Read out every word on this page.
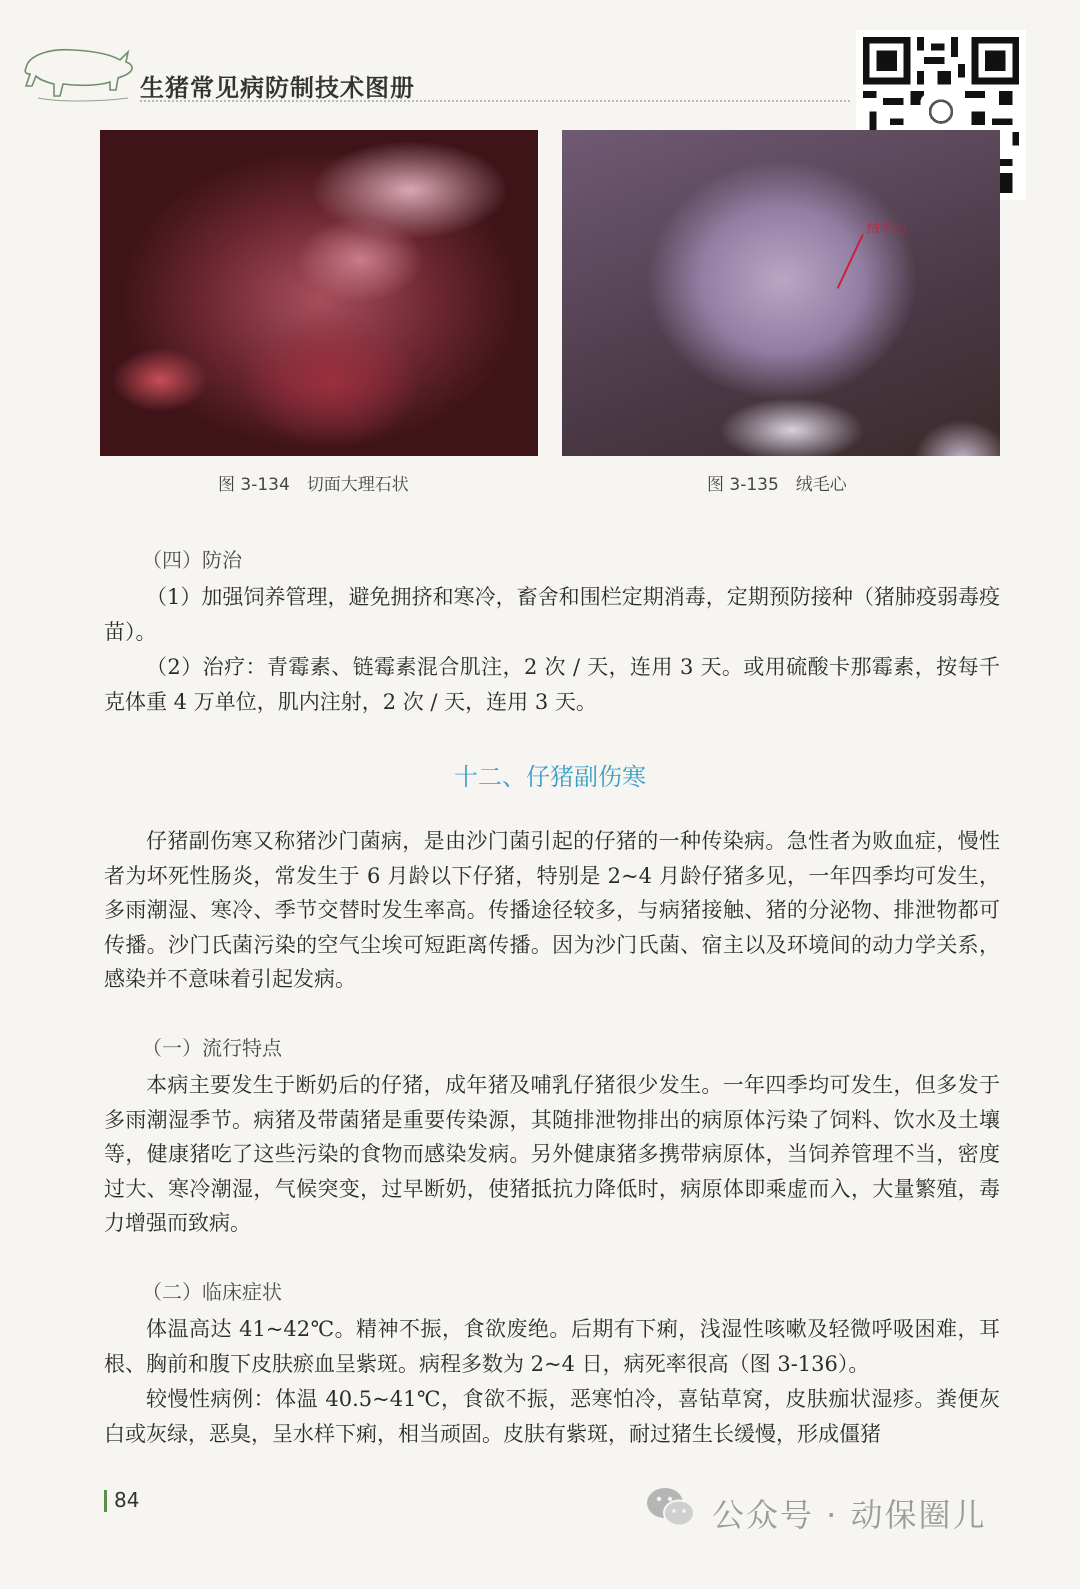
生猪常见病防制技术图册
绒毛心
图 3-134　切面大理石状	图 3-135　绒毛心
（四）防治
（1）加强饲养管理，避免拥挤和寒冷，畜舍和围栏定期消毒，定期预防接种（猪肺疫弱毒疫苗）。
（2）治疗：青霉素、链霉素混合肌注，2 次 / 天，连用 3 天。或用硫酸卡那霉素，按每千克体重 4 万单位，肌内注射，2 次 / 天，连用 3 天。
十二、仔猪副伤寒
仔猪副伤寒又称猪沙门菌病，是由沙门菌引起的仔猪的一种传染病。急性者为败血症，慢性者为坏死性肠炎，常发生于 6 月龄以下仔猪，特别是 2~4 月龄仔猪多见，一年四季均可发生，多雨潮湿、寒冷、季节交替时发生率高。传播途径较多，与病猪接触、猪的分泌物、排泄物都可传播。沙门氏菌污染的空气尘埃可短距离传播。因为沙门氏菌、宿主以及环境间的动力学关系，感染并不意味着引起发病。
（一）流行特点
本病主要发生于断奶后的仔猪，成年猪及哺乳仔猪很少发生。一年四季均可发生，但多发于多雨潮湿季节。病猪及带菌猪是重要传染源，其随排泄物排出的病原体污染了饲料、饮水及土壤等，健康猪吃了这些污染的食物而感染发病。另外健康猪多携带病原体，当饲养管理不当，密度过大、寒冷潮湿，气候突变，过早断奶，使猪抵抗力降低时，病原体即乘虚而入，大量繁殖，毒力增强而致病。
（二）临床症状
体温高达 41~42℃。精神不振，食欲废绝。后期有下痢，浅湿性咳嗽及轻微呼吸困难，耳根、胸前和腹下皮肤瘀血呈紫斑。病程多数为 2~4 日，病死率很高（图 3-136）。
较慢性病例：体温 40.5~41℃，食欲不振，恶寒怕冷，喜钻草窝，皮肤痂状湿疹。粪便灰白或灰绿，恶臭，呈水样下痢，相当顽固。皮肤有紫斑，耐过猪生长缓慢，形成僵猪
84	公众号 · 动保圈儿
